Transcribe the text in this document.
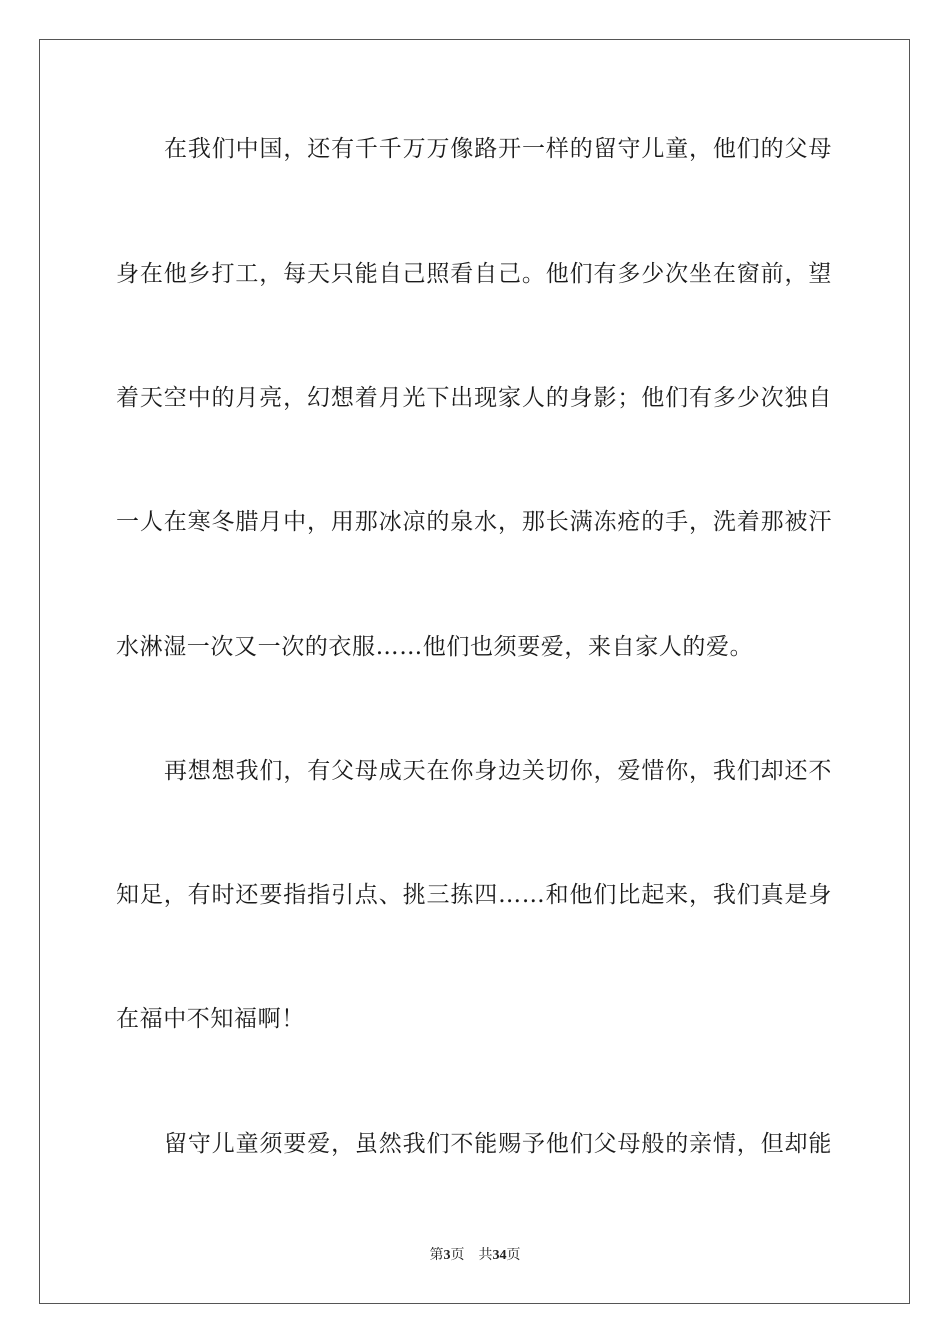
在我们中国，还有千千万万像路开一样的留守儿童，他们的父母
身在他乡打工，每天只能自己照看自己。他们有多少次坐在窗前，望
着天空中的月亮，幻想着月光下出现家人的身影；他们有多少次独自
一人在寒冬腊月中，用那冰凉的泉水，那长满冻疮的手，洗着那被汗
水淋湿一次又一次的衣服……他们也须要爱，来自家人的爱。
再想想我们，有父母成天在你身边关切你，爱惜你，我们却还不
知足，有时还要指指引点、挑三拣四……和他们比起来，我们真是身
在福中不知福啊！
留守儿童须要爱，虽然我们不能赐予他们父母般的亲情，但却能
第3页 共34页
